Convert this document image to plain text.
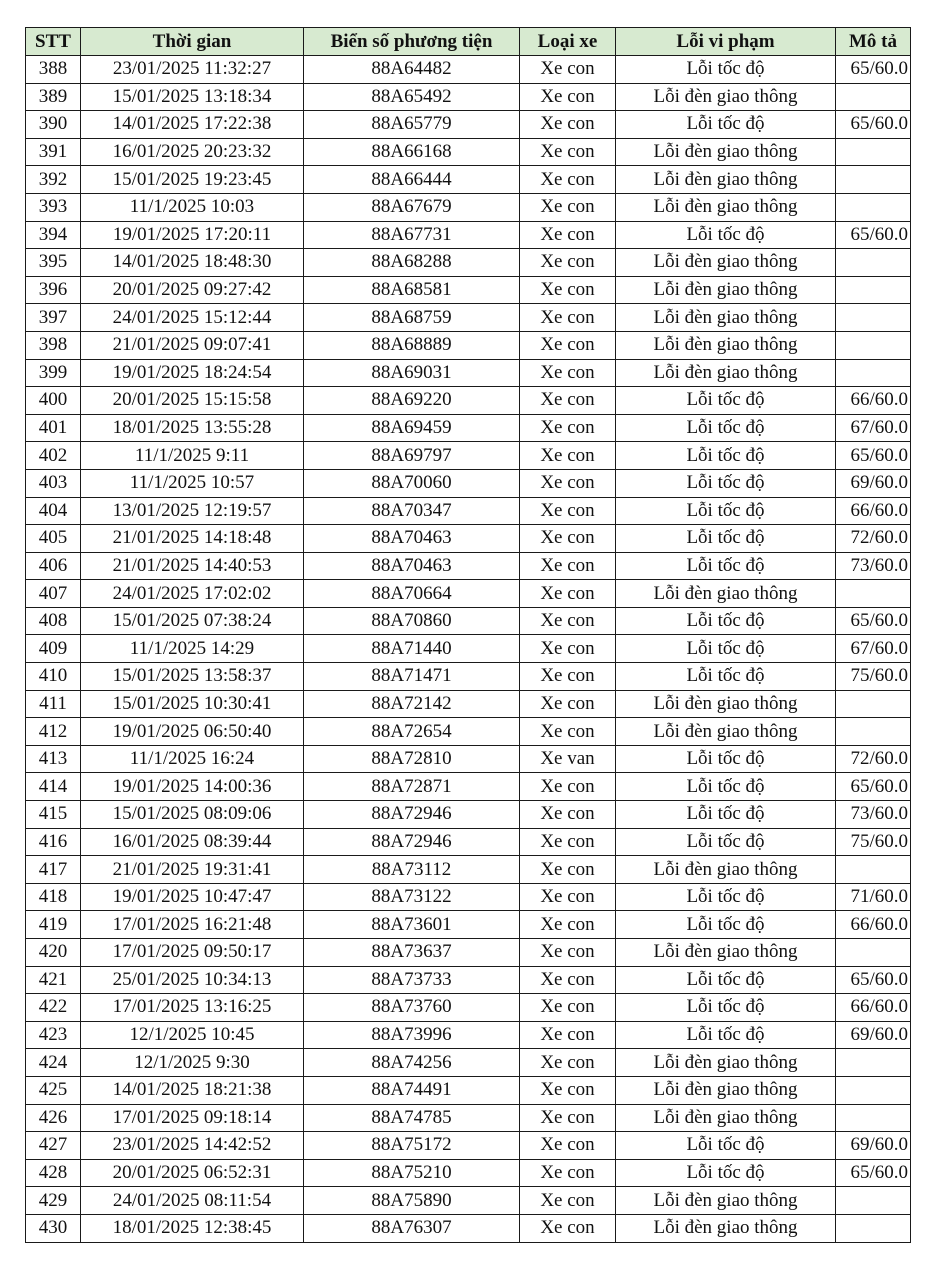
STT	Thời gian	Biển số phương tiện	Loại xe	Lỗi vi phạm	Mô tả
388	23/01/2025 11:32:27	88A64482	Xe con	Lỗi tốc độ	65/60.0
389	15/01/2025 13:18:34	88A65492	Xe con	Lỗi đèn giao thông	
390	14/01/2025 17:22:38	88A65779	Xe con	Lỗi tốc độ	65/60.0
391	16/01/2025 20:23:32	88A66168	Xe con	Lỗi đèn giao thông	
392	15/01/2025 19:23:45	88A66444	Xe con	Lỗi đèn giao thông	
393	11/1/2025 10:03	88A67679	Xe con	Lỗi đèn giao thông	
394	19/01/2025 17:20:11	88A67731	Xe con	Lỗi tốc độ	65/60.0
395	14/01/2025 18:48:30	88A68288	Xe con	Lỗi đèn giao thông	
396	20/01/2025 09:27:42	88A68581	Xe con	Lỗi đèn giao thông	
397	24/01/2025 15:12:44	88A68759	Xe con	Lỗi đèn giao thông	
398	21/01/2025 09:07:41	88A68889	Xe con	Lỗi đèn giao thông	
399	19/01/2025 18:24:54	88A69031	Xe con	Lỗi đèn giao thông	
400	20/01/2025 15:15:58	88A69220	Xe con	Lỗi tốc độ	66/60.0
401	18/01/2025 13:55:28	88A69459	Xe con	Lỗi tốc độ	67/60.0
402	11/1/2025 9:11	88A69797	Xe con	Lỗi tốc độ	65/60.0
403	11/1/2025 10:57	88A70060	Xe con	Lỗi tốc độ	69/60.0
404	13/01/2025 12:19:57	88A70347	Xe con	Lỗi tốc độ	66/60.0
405	21/01/2025 14:18:48	88A70463	Xe con	Lỗi tốc độ	72/60.0
406	21/01/2025 14:40:53	88A70463	Xe con	Lỗi tốc độ	73/60.0
407	24/01/2025 17:02:02	88A70664	Xe con	Lỗi đèn giao thông	
408	15/01/2025 07:38:24	88A70860	Xe con	Lỗi tốc độ	65/60.0
409	11/1/2025 14:29	88A71440	Xe con	Lỗi tốc độ	67/60.0
410	15/01/2025 13:58:37	88A71471	Xe con	Lỗi tốc độ	75/60.0
411	15/01/2025 10:30:41	88A72142	Xe con	Lỗi đèn giao thông	
412	19/01/2025 06:50:40	88A72654	Xe con	Lỗi đèn giao thông	
413	11/1/2025 16:24	88A72810	Xe van	Lỗi tốc độ	72/60.0
414	19/01/2025 14:00:36	88A72871	Xe con	Lỗi tốc độ	65/60.0
415	15/01/2025 08:09:06	88A72946	Xe con	Lỗi tốc độ	73/60.0
416	16/01/2025 08:39:44	88A72946	Xe con	Lỗi tốc độ	75/60.0
417	21/01/2025 19:31:41	88A73112	Xe con	Lỗi đèn giao thông	
418	19/01/2025 10:47:47	88A73122	Xe con	Lỗi tốc độ	71/60.0
419	17/01/2025 16:21:48	88A73601	Xe con	Lỗi tốc độ	66/60.0
420	17/01/2025 09:50:17	88A73637	Xe con	Lỗi đèn giao thông	
421	25/01/2025 10:34:13	88A73733	Xe con	Lỗi tốc độ	65/60.0
422	17/01/2025 13:16:25	88A73760	Xe con	Lỗi tốc độ	66/60.0
423	12/1/2025 10:45	88A73996	Xe con	Lỗi tốc độ	69/60.0
424	12/1/2025 9:30	88A74256	Xe con	Lỗi đèn giao thông	
425	14/01/2025 18:21:38	88A74491	Xe con	Lỗi đèn giao thông	
426	17/01/2025 09:18:14	88A74785	Xe con	Lỗi đèn giao thông	
427	23/01/2025 14:42:52	88A75172	Xe con	Lỗi tốc độ	69/60.0
428	20/01/2025 06:52:31	88A75210	Xe con	Lỗi tốc độ	65/60.0
429	24/01/2025 08:11:54	88A75890	Xe con	Lỗi đèn giao thông	
430	18/01/2025 12:38:45	88A76307	Xe con	Lỗi đèn giao thông	
